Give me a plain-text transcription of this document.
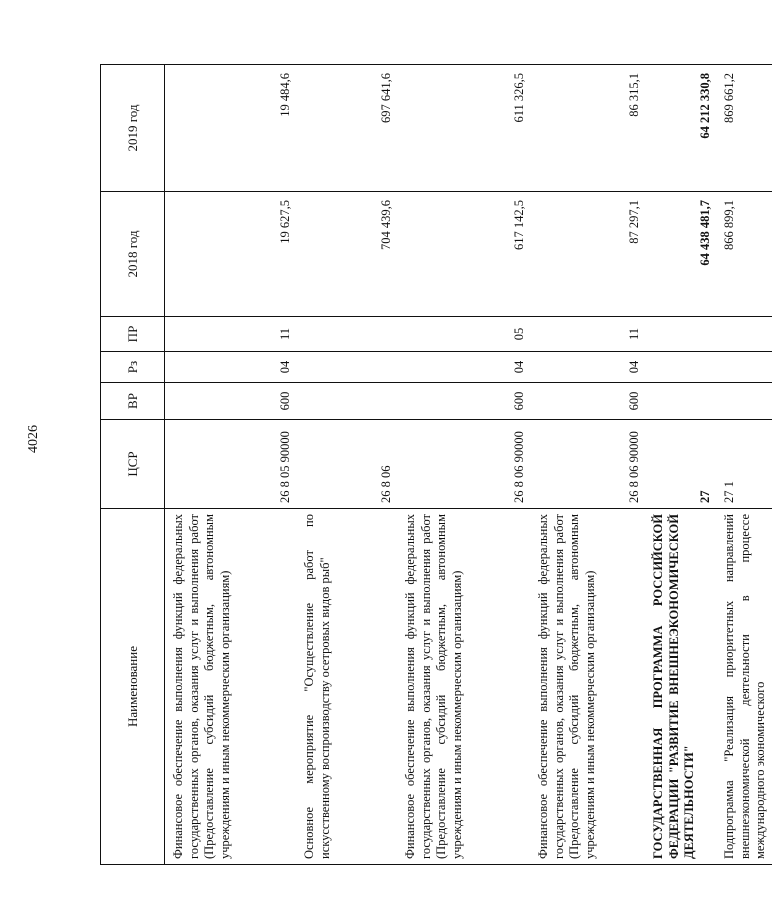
4026
Наименование	ЦСР	ВР	Рз	ПР	2018 год	2019 год
Финансовое обеспечение выполнения функций федеральных государственных органов, оказания услуг и выполнения работ (Предоставление субсидий бюджетным, автономным учреждениям и иным некоммерческим организациям)	26 8 05 90000	600	04	11	19 627,5	19 484,6
Основное мероприятие "Осуществление работ по искусственному воспроизводству осетровых видов рыб"	26 8 06				704 439,6	697 641,6
Финансовое обеспечение выполнения функций федеральных государственных органов, оказания услуг и выполнения работ (Предоставление субсидий бюджетным, автономным учреждениям и иным некоммерческим организациям)	26 8 06 90000	600	04	05	617 142,5	611 326,5
Финансовое обеспечение выполнения функций федеральных государственных органов, оказания услуг и выполнения работ (Предоставление субсидий бюджетным, автономным учреждениям и иным некоммерческим организациям)	26 8 06 90000	600	04	11	87 297,1	86 315,1
ГОСУДАРСТВЕННАЯ ПРОГРАММА РОССИЙСКОЙ ФЕДЕРАЦИИ "РАЗВИТИЕ ВНЕШНЕЭКОНОМИЧЕСКОЙ ДЕЯТЕЛЬНОСТИ"	27				64 438 481,7	64 212 330,8
Подпрограмма "Реализация приоритетных направлений внешнеэкономической деятельности в процессе международного экономического	27 1				866 899,1	869 661,2
